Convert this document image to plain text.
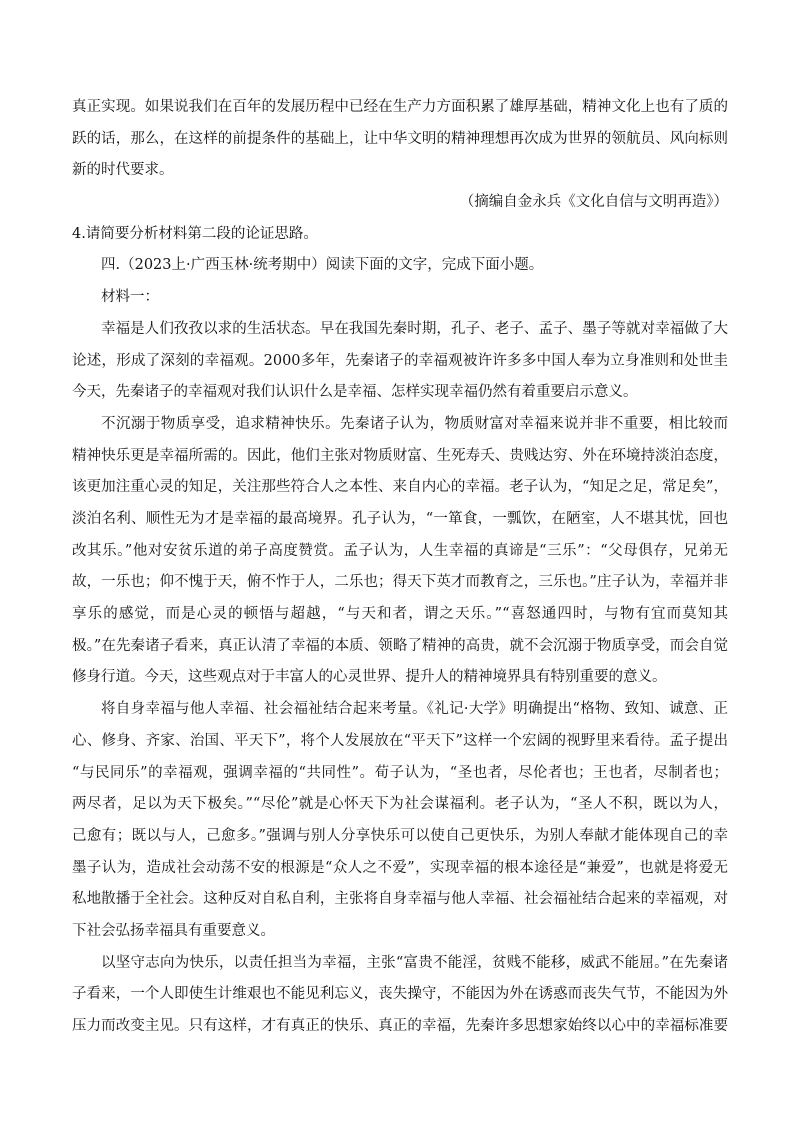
真正实现。如果说我们在百年的发展历程中已经在生产力方面积累了雄厚基础，精神文化上也有了质的
跃的话，那么，在这样的前提条件的基础上，让中华文明的精神理想再次成为世界的领航员、风向标则
新的时代要求。
（摘编自金永兵《文化自信与文明再造》）
4.请简要分析材料第二段的论证思路。
四.（2023上·广西玉林·统考期中）阅读下面的文字，完成下面小题。
材料一：
幸福是人们孜孜以求的生活状态。早在我国先秦时期，孔子、老子、孟子、墨子等就对幸福做了大
论述，形成了深刻的幸福观。2000多年，先秦诸子的幸福观被许许多多中国人奉为立身准则和处世圭
今天，先秦诸子的幸福观对我们认识什么是幸福、怎样实现幸福仍然有着重要启示意义。
不沉溺于物质享受，追求精神快乐。先秦诸子认为，物质财富对幸福来说并非不重要，相比较而
精神快乐更是幸福所需的。因此，他们主张对物质财富、生死寿夭、贵贱达穷、外在环境持淡泊态度，
该更加注重心灵的知足，关注那些符合人之本性、来自内心的幸福。老子认为，“知足之足，常足矣”，
淡泊名利、顺性无为才是幸福的最高境界。孔子认为，“一箪食，一瓢饮，在陋室，人不堪其忧，回也
改其乐。”他对安贫乐道的弟子高度赞赏。孟子认为，人生幸福的真谛是“三乐”：“父母俱存，兄弟无
故，一乐也；仰不愧于天，俯不怍于人，二乐也；得天下英才而教育之，三乐也。”庄子认为，幸福并非
享乐的感觉，而是心灵的顿悟与超越，“与天和者，谓之天乐。”“喜怒通四时，与物有宜而莫知其
极。”在先秦诸子看来，真正认清了幸福的本质、领略了精神的高贵，就不会沉溺于物质享受，而会自觉
修身行道。今天，这些观点对于丰富人的心灵世界、提升人的精神境界具有特别重要的意义。
将自身幸福与他人幸福、社会福祉结合起来考量。《礼记·大学》明确提出“格物、致知、诚意、正
心、修身、齐家、治国、平天下”，将个人发展放在“平天下”这样一个宏阔的视野里来看待。孟子提出
“与民同乐”的幸福观，强调幸福的“共同性”。荀子认为，“圣也者，尽伦者也；王也者，尽制者也；
两尽者，足以为天下极矣。”“尽伦”就是心怀天下为社会谋福利。老子认为，“圣人不积，既以为人，
己愈有；既以与人，己愈多。”强调与别人分享快乐可以使自己更快乐，为别人奉献才能体现自己的幸
墨子认为，造成社会动荡不安的根源是“众人之不爱”，实现幸福的根本途径是“兼爱”，也就是将爱无
私地散播于全社会。这种反对自私自利，主张将自身幸福与他人幸福、社会福祉结合起来的幸福观，对
下社会弘扬幸福具有重要意义。
以坚守志向为快乐，以责任担当为幸福，主张“富贵不能淫，贫贱不能移，威武不能屈。”在先秦诸
子看来，一个人即使生计维艰也不能见利忘义，丧失操守，不能因为外在诱惑而丧失气节，不能因为外
压力而改变主见。只有这样，才有真正的快乐、真正的幸福，先秦许多思想家始终以心中的幸福标准要
